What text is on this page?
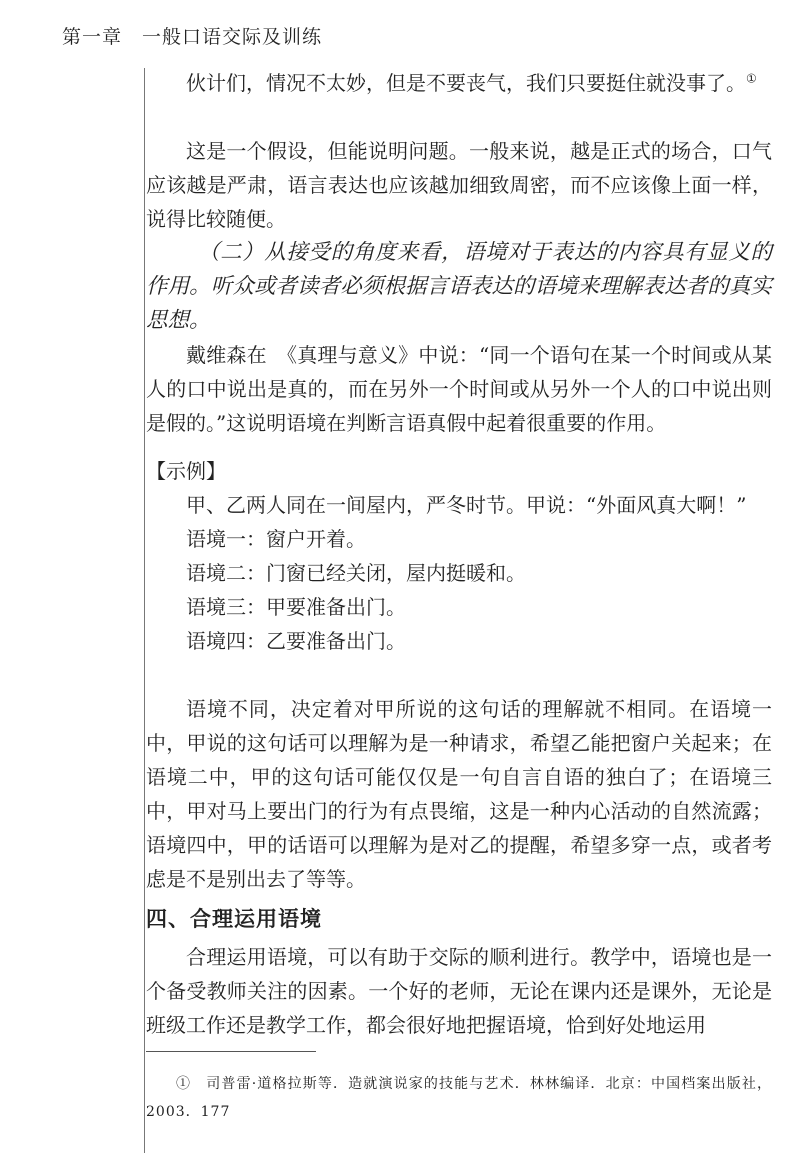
第一章　一般口语交际及训练

伙计们，情况不太妙，但是不要丧气，我们只要挺住就没事了。①

这是一个假设，但能说明问题。一般来说，越是正式的场合，口气应该越是严肃，语言表达也应该越加细致周密，而不应该像上面一样，说得比较随便。

（二）从接受的角度来看，语境对于表达的内容具有显义的作用。听众或者读者必须根据言语表达的语境来理解表达者的真实思想。

戴维森在　《真理与意义》中说：“同一个语句在某一个时间或从某人的口中说出是真的，而在另外一个时间或从另外一个人的口中说出则是假的。”这说明语境在判断言语真假中起着很重要的作用。

【示例】

甲、乙两人同在一间屋内，严冬时节。甲说：“外面风真大啊！”

语境一：窗户开着。

语境二：门窗已经关闭，屋内挺暖和。

语境三：甲要准备出门。

语境四：乙要准备出门。

语境不同，决定着对甲所说的这句话的理解就不相同。在语境一中，甲说的这句话可以理解为是一种请求，希望乙能把窗户关起来；在语境二中，甲的这句话可能仅仅是一句自言自语的独白了；在语境三中，甲对马上要出门的行为有点畏缩，这是一种内心活动的自然流露；语境四中，甲的话语可以理解为是对乙的提醒，希望多穿一点，或者考虑是不是别出去了等等。

四、合理运用语境

合理运用语境，可以有助于交际的顺利进行。教学中，语境也是一个备受教师关注的因素。一个好的老师，无论在课内还是课外，无论是班级工作还是教学工作，都会很好地把握语境，恰到好处地运用

①　司普雷·道格拉斯等．造就演说家的技能与艺术．林林编译．北京：中国档案出版社，2003．177
